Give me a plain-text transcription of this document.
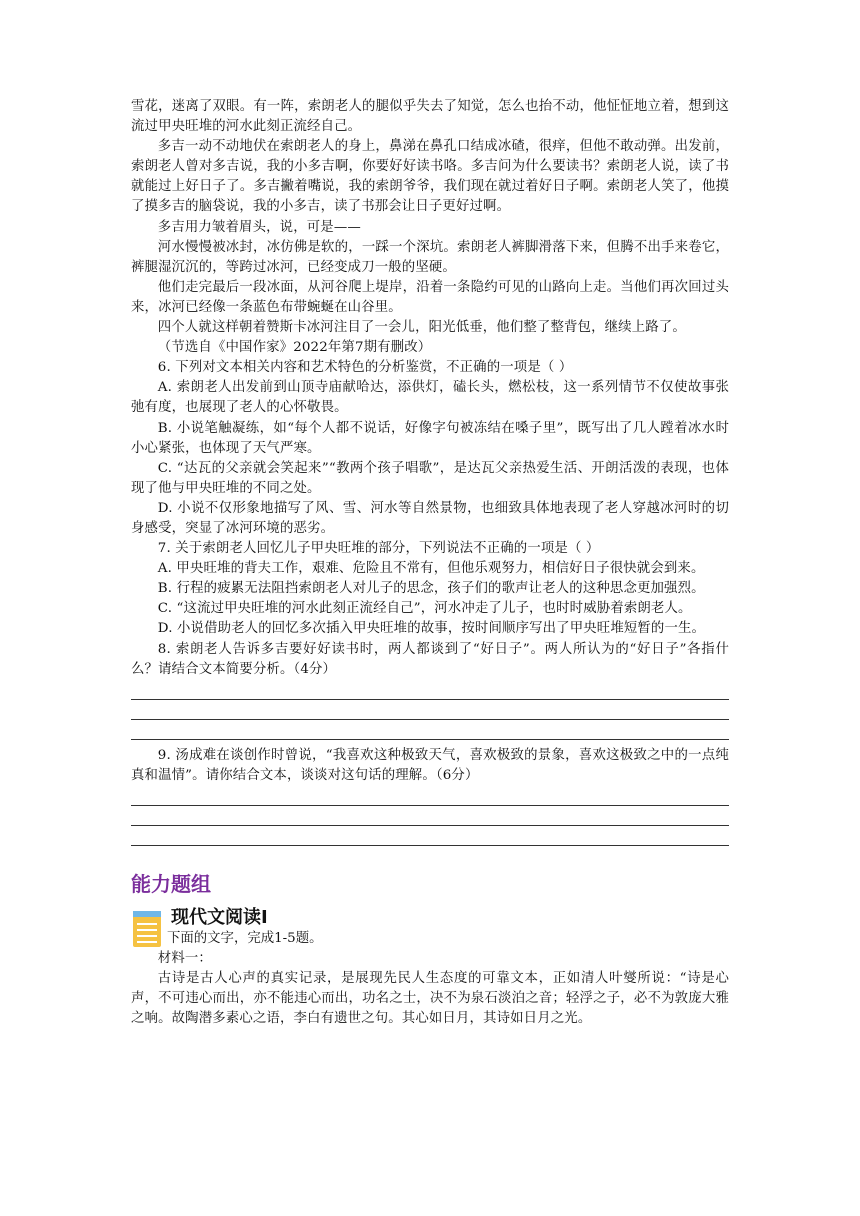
雪花，迷离了双眼。有一阵，索朗老人的腿似乎失去了知觉，怎么也抬不动，他怔怔地立着，想到这流过甲央旺堆的河水此刻正流经自己。

多吉一动不动地伏在索朗老人的身上，鼻涕在鼻孔口结成冰碴，很痒，但他不敢动弹。出发前，索朗老人曾对多吉说，我的小多吉啊，你要好好读书咯。多吉问为什么要读书？索朗老人说，读了书就能过上好日子了。多吉撇着嘴说，我的索朗爷爷，我们现在就过着好日子啊。索朗老人笑了，他摸了摸多吉的脑袋说，我的小多吉，读了书那会让日子更好过啊。

多吉用力皱着眉头，说，可是——

河水慢慢被冰封，冰仿佛是软的，一踩一个深坑。索朗老人裤脚滑落下来，但腾不出手来卷它，裤腿湿沉沉的，等跨过冰河，已经变成刀一般的坚硬。

他们走完最后一段冰面，从河谷爬上堤岸，沿着一条隐约可见的山路向上走。当他们再次回过头来，冰河已经像一条蓝色布带蜿蜒在山谷里。

四个人就这样朝着赞斯卡冰河注目了一会儿，阳光低垂，他们整了整背包，继续上路了。

（节选自《中国作家》2022年第7期有删改）

6. 下列对文本相关内容和艺术特色的分析鉴赏，不正确的一项是（ ）

A. 索朗老人出发前到山顶寺庙献哈达，添供灯，磕长头，燃松枝，这一系列情节不仅使故事张弛有度，也展现了老人的心怀敬畏。

B. 小说笔触凝练，如“每个人都不说话，好像字句被冻结在嗓子里”，既写出了几人蹚着冰水时小心紧张，也体现了天气严寒。

C. “达瓦的父亲就会笑起来”“教两个孩子唱歌”，是达瓦父亲热爱生活、开朗活泼的表现，也体现了他与甲央旺堆的不同之处。

D. 小说不仅形象地描写了风、雪、河水等自然景物，也细致具体地表现了老人穿越冰河时的切身感受，突显了冰河环境的恶劣。

7. 关于索朗老人回忆儿子甲央旺堆的部分，下列说法不正确的一项是（ ）

A. 甲央旺堆的背夫工作，艰难、危险且不常有，但他乐观努力，相信好日子很快就会到来。

B. 行程的疲累无法阻挡索朗老人对儿子的思念，孩子们的歌声让老人的这种思念更加强烈。

C. “这流过甲央旺堆的河水此刻正流经自己”，河水冲走了儿子，也时时威胁着索朗老人。

D. 小说借助老人的回忆多次插入甲央旺堆的故事，按时间顺序写出了甲央旺堆短暂的一生。

8. 索朗老人告诉多吉要好好读书时，两人都谈到了“好日子”。两人所认为的“好日子”各指什么？请结合文本简要分析。（4分）

9. 汤成难在谈创作时曾说，“我喜欢这种极致天气，喜欢极致的景象，喜欢这极致之中的一点纯真和温情”。请你结合文本，谈谈对这句话的理解。（6分）

能力题组
现代文阅读Ⅰ
下面的文字，完成1-5题。

材料一：

古诗是古人心声的真实记录，是展现先民人生态度的可靠文本，正如清人叶燮所说：“诗是心声，不可违心而出，亦不能违心而出，功名之士，决不为泉石淡泊之音；轻浮之子，必不为敦庞大雅之响。故陶潜多素心之语，李白有遗世之句。其心如日月，其诗如日月之光。
